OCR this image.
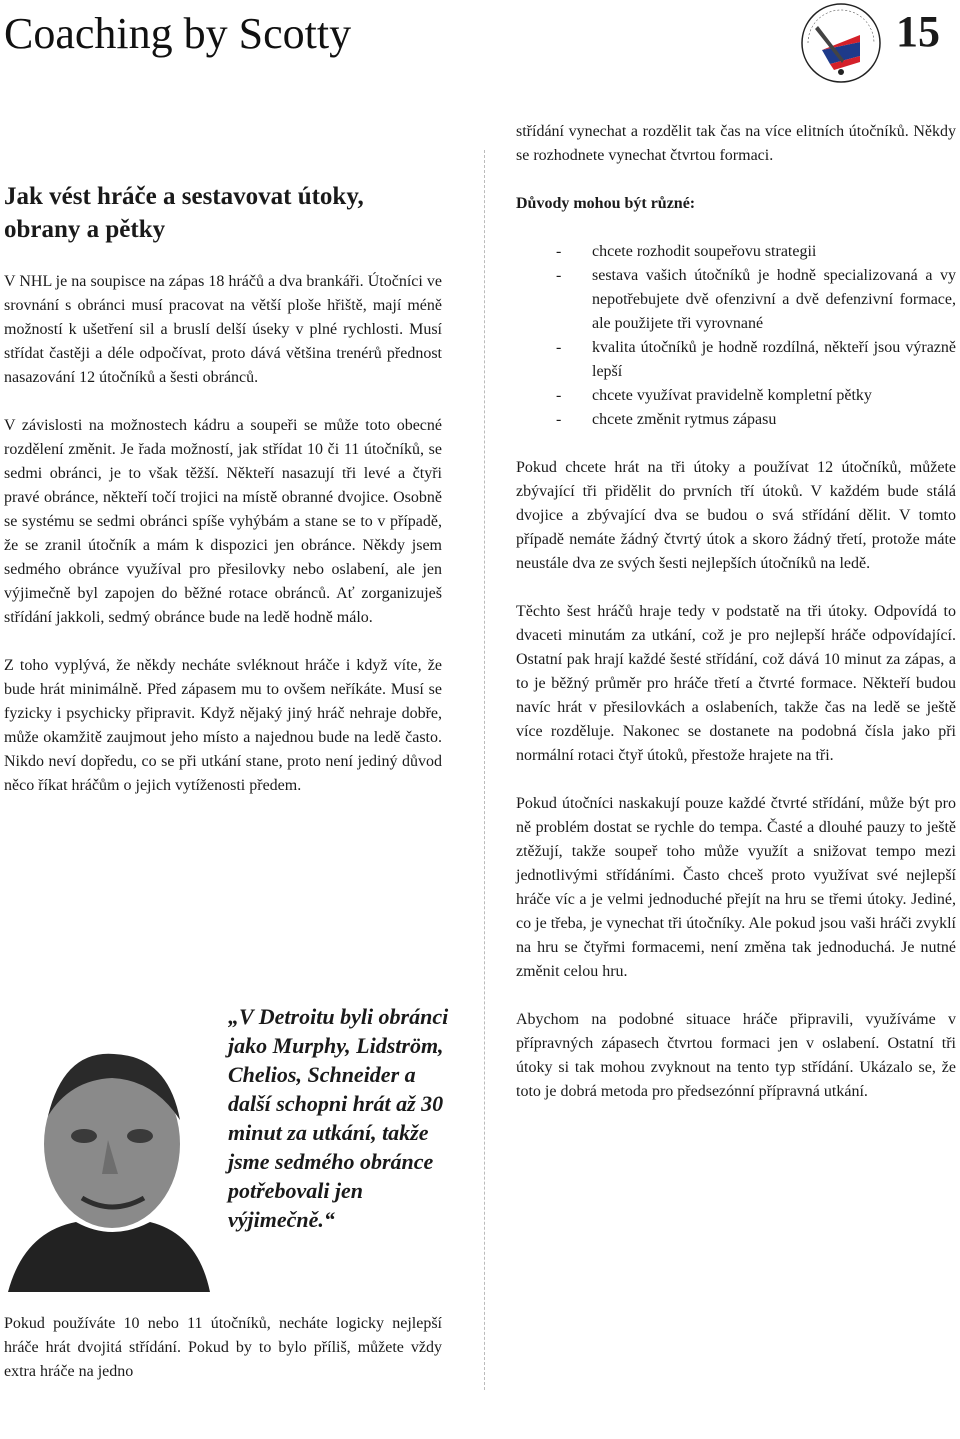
Coaching by Scotty	15

Jak vést hráče a sestavovat útoky, obrany a pětky

V NHL je na soupisce na zápas 18 hráčů a dva brankáři. Útočníci ve srovnání s obránci musí pracovat na větší ploše hřiště, mají méně možností k ušetření sil a bruslí delší úseky v plné rychlosti. Musí střídat častěji a déle odpočívat, proto dává většina trenérů přednost nasazování 12 útočníků a šesti obránců.

V závislosti na možnostech kádru a soupeři se může toto obecné rozdělení změnit. Je řada možností, jak střídat 10 či 11 útočníků, se sedmi obránci, je to však těžší. Někteří nasazují tři levé a čtyři pravé obránce, někteří točí trojici na místě obranné dvojice. Osobně se systému se sedmi obránci spíše vyhýbám a stane se to v případě, že se zranil útočník a mám k dispozici jen obránce. Někdy jsem sedmého obránce využíval pro přesilovky nebo oslabení, ale jen výjimečně byl zapojen do běžné rotace obránců. Ať zorganizuješ střídání jakkoli, sedmý obránce bude na ledě hodně málo.

Z toho vyplývá, že někdy necháte svléknout hráče i když víte, že bude hrát minimálně. Před zápasem mu to ovšem neříkáte. Musí se fyzicky i psychicky připravit. Když nějaký jiný hráč nehraje dobře, může okamžitě zaujmout jeho místo a najednou bude na ledě často. Nikdo neví dopředu, co se při utkání stane, proto není jediný důvod něco říkat hráčům o jejich vytíženosti předem.

„V Detroitu byli obránci jako Murphy, Lidström, Chelios, Schneider a další schopni hrát až 30 minut za utkání, takže jsme sedmého obránce potřebovali jen výjimečně.“

Pokud používáte 10 nebo 11 útočníků, necháte logicky nejlepší hráče hrát dvojitá střídání. Pokud by to bylo příliš, můžete vždy extra hráče na jedno

střídání vynechat a rozdělit tak čas na více elitních útočníků. Někdy se rozhodnete vynechat čtvrtou formaci.

Důvody mohou být různé:

- chcete rozhodit soupeřovu strategii
- sestava vašich útočníků je hodně specializovaná a vy nepotřebujete dvě ofenzivní a dvě defenzivní formace, ale použijete tři vyrovnané
- kvalita útočníků je hodně rozdílná, někteří jsou výrazně lepší
- chcete využívat pravidelně kompletní pětky
- chcete změnit rytmus zápasu

Pokud chcete hrát na tři útoky a používat 12 útočníků, můžete zbývající tři přidělit do prvních tří útoků. V každém bude stálá dvojice a zbývající dva se budou o svá střídání dělit. V tomto případě nemáte žádný čtvrtý útok a skoro žádný třetí, protože máte neustále dva ze svých šesti nejlepších útočníků na ledě.

Těchto šest hráčů hraje tedy v podstatě na tři útoky. Odpovídá to dvaceti minutám za utkání, což je pro nejlepší hráče odpovídající. Ostatní pak hrají každé šesté střídání, což dává 10 minut za zápas, a to je běžný průměr pro hráče třetí a čtvrté formace. Někteří budou navíc hrát v přesilovkách a oslabeních, takže čas na ledě se ještě více rozděluje. Nakonec se dostanete na podobná čísla jako při normální rotaci čtyř útoků, přestože hrajete na tři.

Pokud útočníci naskakují pouze každé čtvrté střídání, může být pro ně problém dostat se rychle do tempa. Časté a dlouhé pauzy to ještě ztěžují, takže soupeř toho může využít a snižovat tempo mezi jednotlivými střídáními. Často chceš proto využívat své nejlepší hráče víc a je velmi jednoduché přejít na hru se třemi útoky. Jediné, co je třeba, je vynechat tři útočníky. Ale pokud jsou vaši hráči zvyklí na hru se čtyřmi formacemi, není změna tak jednoduchá. Je nutné změnit celou hru.

Abychom na podobné situace hráče připravili, využíváme v přípravných zápasech čtvrtou formaci jen v oslabení. Ostatní tři útoky si tak mohou zvyknout na tento typ střídání. Ukázalo se, že toto je dobrá metoda pro předsezónní přípravná utkání.
